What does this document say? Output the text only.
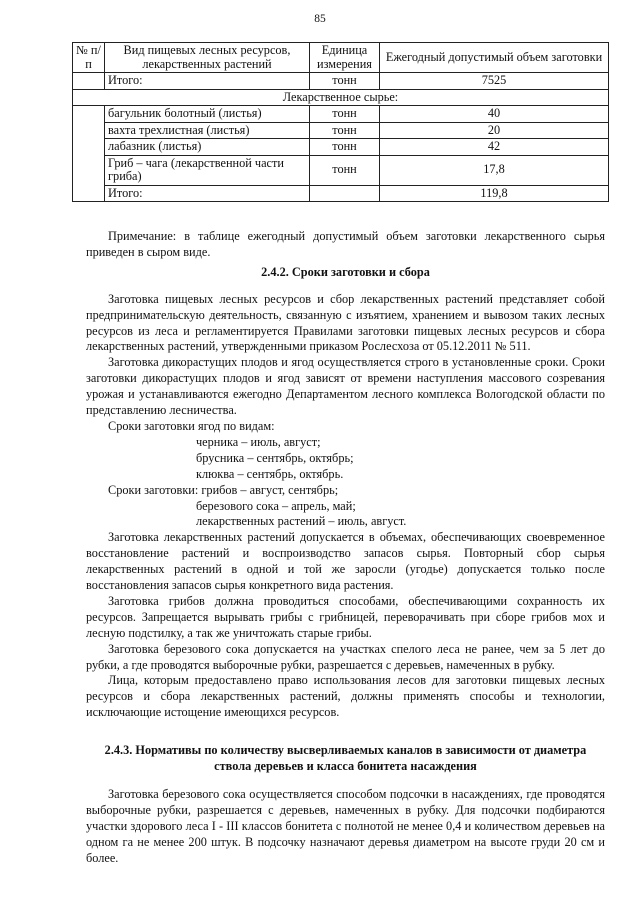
85
№ п/п	Вид пищевых лесных ресурсов, лекарственных растений	Единица измерения	Ежегодный допустимый объем заготовки
	Итого:	тонн	7525
Лекарственное сырье:			
	багульник болотный (листья)	тонн	40
	вахта трехлистная (листья)	тонн	20
	лабазник (листья)	тонн	42
	Гриб – чага (лекарственной части гриба)	тонн	17,8
	Итого:		119,8

Примечание: в таблице ежегодный допустимый объем заготовки лекарственного сырья приведен в сыром виде.

2.4.2. Сроки заготовки и сбора

Заготовка пищевых лесных ресурсов и сбор лекарственных растений представляет собой предпринимательскую деятельность, связанную с изъятием, хранением и вывозом таких лесных ресурсов из леса и регламентируется Правилами заготовки пищевых лесных ресурсов и сбора лекарственных растений, утвержденными приказом Рослесхоза от 05.12.2011 № 511.

Заготовка дикорастущих плодов и ягод осуществляется строго в установленные сроки. Сроки заготовки дикорастущих плодов и ягод зависят от времени наступления массового созревания урожая и устанавливаются ежегодно Департаментом лесного комплекса Вологодской области по представлению лесничества.

Сроки заготовки ягод по видам:

черника – июль, август;

брусника – сентябрь, октябрь;

клюква – сентябрь, октябрь.

Сроки заготовки: грибов – август, сентябрь;

березового сока – апрель, май;

лекарственных растений – июль, август.

Заготовка лекарственных растений допускается в объемах, обеспечивающих своевременное восстановление растений и воспроизводство запасов сырья. Повторный сбор сырья лекарственных растений в одной и той же заросли (угодье) допускается только после восстановления запасов сырья конкретного вида растения.

Заготовка грибов должна проводиться способами, обеспечивающими сохранность их ресурсов. Запрещается вырывать грибы с грибницей, переворачивать при сборе грибов мох и лесную подстилку, а так же уничтожать старые грибы.

Заготовка березового сока допускается на участках спелого леса не ранее, чем за 5 лет до рубки, а где проводятся выборочные рубки, разрешается с деревьев, намеченных в рубку.

Лица, которым предоставлено право использования лесов для заготовки пищевых лесных ресурсов и сбора лекарственных растений, должны применять способы и технологии, исключающие истощение имеющихся ресурсов.

2.4.3. Нормативы по количеству высверливаемых каналов в зависимости от диаметра ствола деревьев и класса бонитета насаждения

Заготовка березового сока осуществляется способом подсочки в насаждениях, где проводятся выборочные рубки, разрешается с деревьев, намеченных в рубку. Для подсочки подбираются участки здорового леса I - III классов бонитета с полнотой не менее 0,4 и количеством деревьев на одном га не менее 200 штук. В подсочку назначают деревья диаметром на высоте груди 20 см и более.
